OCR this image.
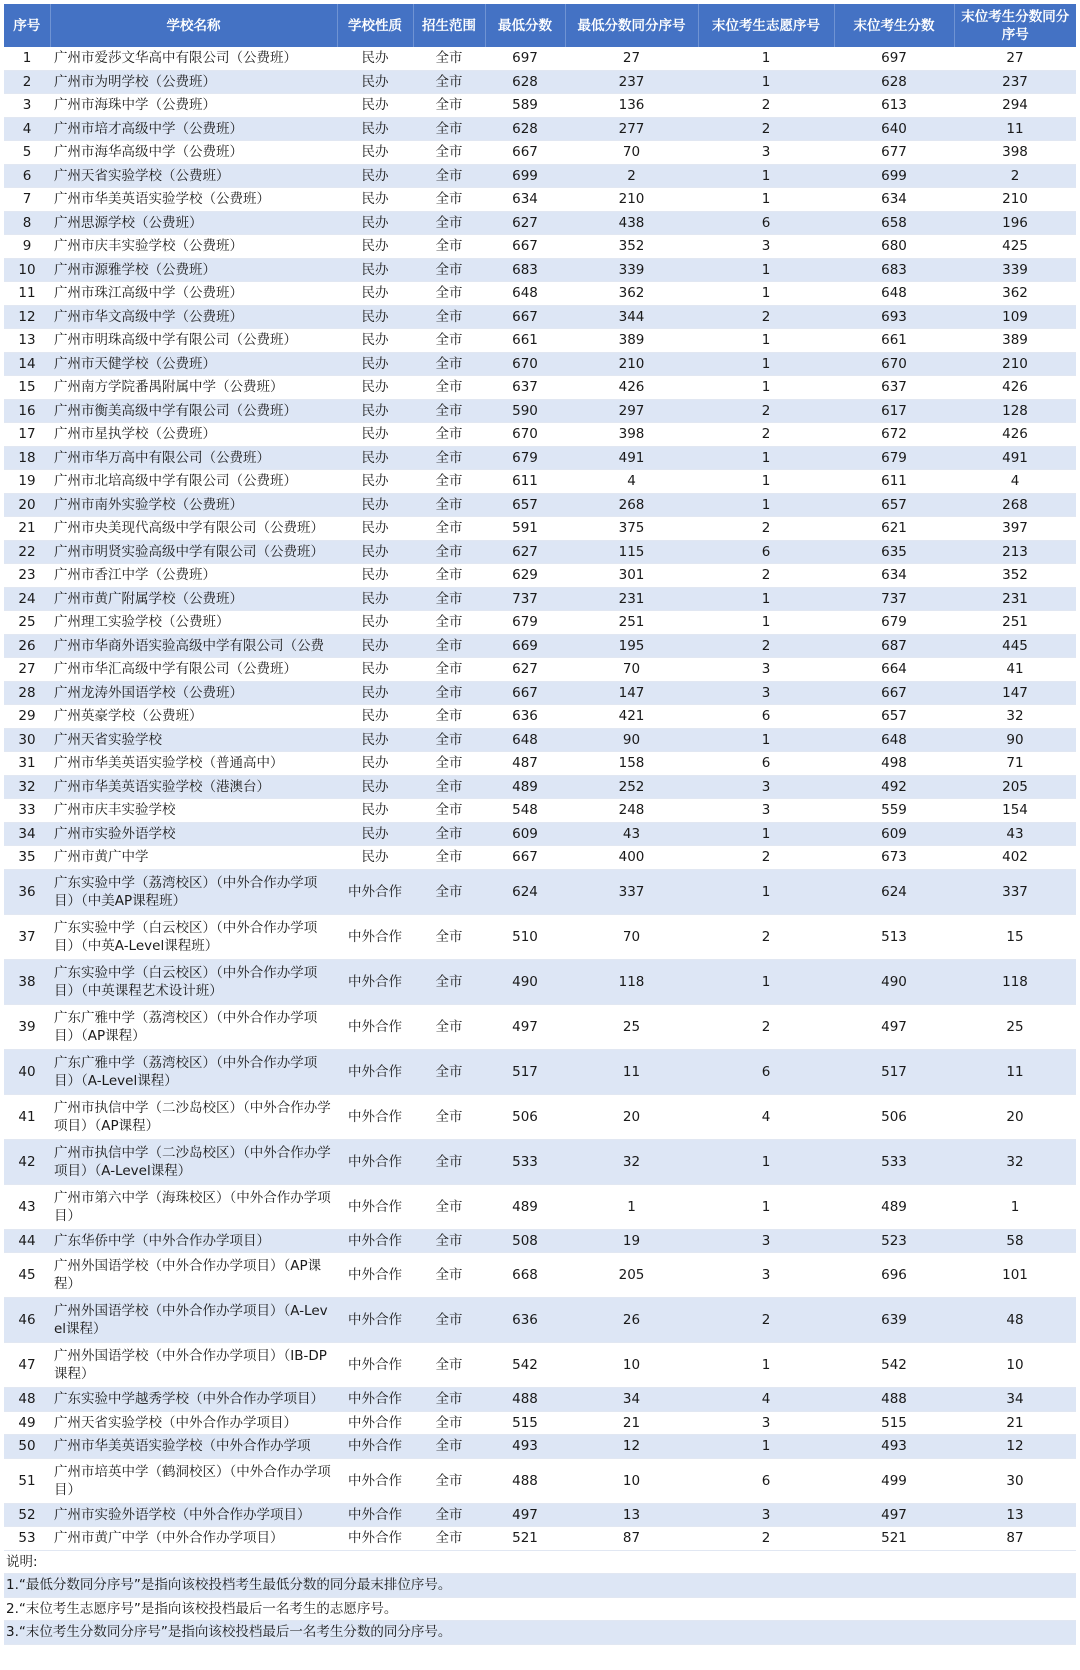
序号	学校名称	学校性质	招生范围	最低分数	最低分数同分序号	末位考生志愿序号	末位考生分数	末位考生分数同分序号
1	广州市爱莎文华高中有限公司（公费班）	民办	全市	697	27	1	697	27
2	广州市为明学校（公费班）	民办	全市	628	237	1	628	237
3	广州市海珠中学（公费班）	民办	全市	589	136	2	613	294
4	广州市培才高级中学（公费班）	民办	全市	628	277	2	640	11
5	广州市海华高级中学（公费班）	民办	全市	667	70	3	677	398
6	广州天省实验学校（公费班）	民办	全市	699	2	1	699	2
7	广州市华美英语实验学校（公费班）	民办	全市	634	210	1	634	210
8	广州思源学校（公费班）	民办	全市	627	438	6	658	196
9	广州市庆丰实验学校（公费班）	民办	全市	667	352	3	680	425
10	广州市源雅学校（公费班）	民办	全市	683	339	1	683	339
11	广州市珠江高级中学（公费班）	民办	全市	648	362	1	648	362
12	广州市华文高级中学（公费班）	民办	全市	667	344	2	693	109
13	广州市明珠高级中学有限公司（公费班）	民办	全市	661	389	1	661	389
14	广州市天健学校（公费班）	民办	全市	670	210	1	670	210
15	广州南方学院番禺附属中学（公费班）	民办	全市	637	426	1	637	426
16	广州市衡美高级中学有限公司（公费班）	民办	全市	590	297	2	617	128
17	广州市星执学校（公费班）	民办	全市	670	398	2	672	426
18	广州市华万高中有限公司（公费班）	民办	全市	679	491	1	679	491
19	广州市北培高级中学有限公司（公费班）	民办	全市	611	4	1	611	4
20	广州市南外实验学校（公费班）	民办	全市	657	268	1	657	268
21	广州市央美现代高级中学有限公司（公费班）	民办	全市	591	375	2	621	397
22	广州市明贤实验高级中学有限公司（公费班）	民办	全市	627	115	6	635	213
23	广州市香江中学（公费班）	民办	全市	629	301	2	634	352
24	广州市黄广附属学校（公费班）	民办	全市	737	231	1	737	231
25	广州理工实验学校（公费班）	民办	全市	679	251	1	679	251
26	广州市华商外语实验高级中学有限公司（公费	民办	全市	669	195	2	687	445
27	广州市华汇高级中学有限公司（公费班）	民办	全市	627	70	3	664	41
28	广州龙涛外国语学校（公费班）	民办	全市	667	147	3	667	147
29	广州英豪学校（公费班）	民办	全市	636	421	6	657	32
30	广州天省实验学校	民办	全市	648	90	1	648	90
31	广州市华美英语实验学校（普通高中）	民办	全市	487	158	6	498	71
32	广州市华美英语实验学校（港澳台）	民办	全市	489	252	3	492	205
33	广州市庆丰实验学校	民办	全市	548	248	3	559	154
34	广州市实验外语学校	民办	全市	609	43	1	609	43
35	广州市黄广中学	民办	全市	667	400	2	673	402
36	广东实验中学（荔湾校区）（中外合作办学项目）（中美AP课程班）	中外合作	全市	624	337	1	624	337
37	广东实验中学（白云校区）（中外合作办学项目）（中英A-Level课程班）	中外合作	全市	510	70	2	513	15
38	广东实验中学（白云校区）（中外合作办学项目）（中英课程艺术设计班）	中外合作	全市	490	118	1	490	118
39	广东广雅中学（荔湾校区）（中外合作办学项目）（AP课程）	中外合作	全市	497	25	2	497	25
40	广东广雅中学（荔湾校区）（中外合作办学项目）（A-Level课程）	中外合作	全市	517	11	6	517	11
41	广州市执信中学（二沙岛校区）（中外合作办学项目）（AP课程）	中外合作	全市	506	20	4	506	20
42	广州市执信中学（二沙岛校区）（中外合作办学项目）（A-Level课程）	中外合作	全市	533	32	1	533	32
43	广州市第六中学（海珠校区）（中外合作办学项目）	中外合作	全市	489	1	1	489	1
44	广东华侨中学（中外合作办学项目）	中外合作	全市	508	19	3	523	58
45	广州外国语学校（中外合作办学项目）（AP课程）	中外合作	全市	668	205	3	696	101
46	广州外国语学校（中外合作办学项目）（A-Level课程）	中外合作	全市	636	26	2	639	48
47	广州外国语学校（中外合作办学项目）（IB-DP课程）	中外合作	全市	542	10	1	542	10
48	广东实验中学越秀学校（中外合作办学项目）	中外合作	全市	488	34	4	488	34
49	广州天省实验学校（中外合作办学项目）	中外合作	全市	515	21	3	515	21
50	广州市华美英语实验学校（中外合作办学项	中外合作	全市	493	12	1	493	12
51	广州市培英中学（鹤洞校区）（中外合作办学项目）	中外合作	全市	488	10	6	499	30
52	广州市实验外语学校（中外合作办学项目）	中外合作	全市	497	13	3	497	13
53	广州市黄广中学（中外合作办学项目）	中外合作	全市	521	87	2	521	87
说明:
1.“最低分数同分序号”是指向该校投档考生最低分数的同分最末排位序号。
2.“末位考生志愿序号”是指向该校投档最后一名考生的志愿序号。
3.“末位考生分数同分序号”是指向该校投档最后一名考生分数的同分序号。
